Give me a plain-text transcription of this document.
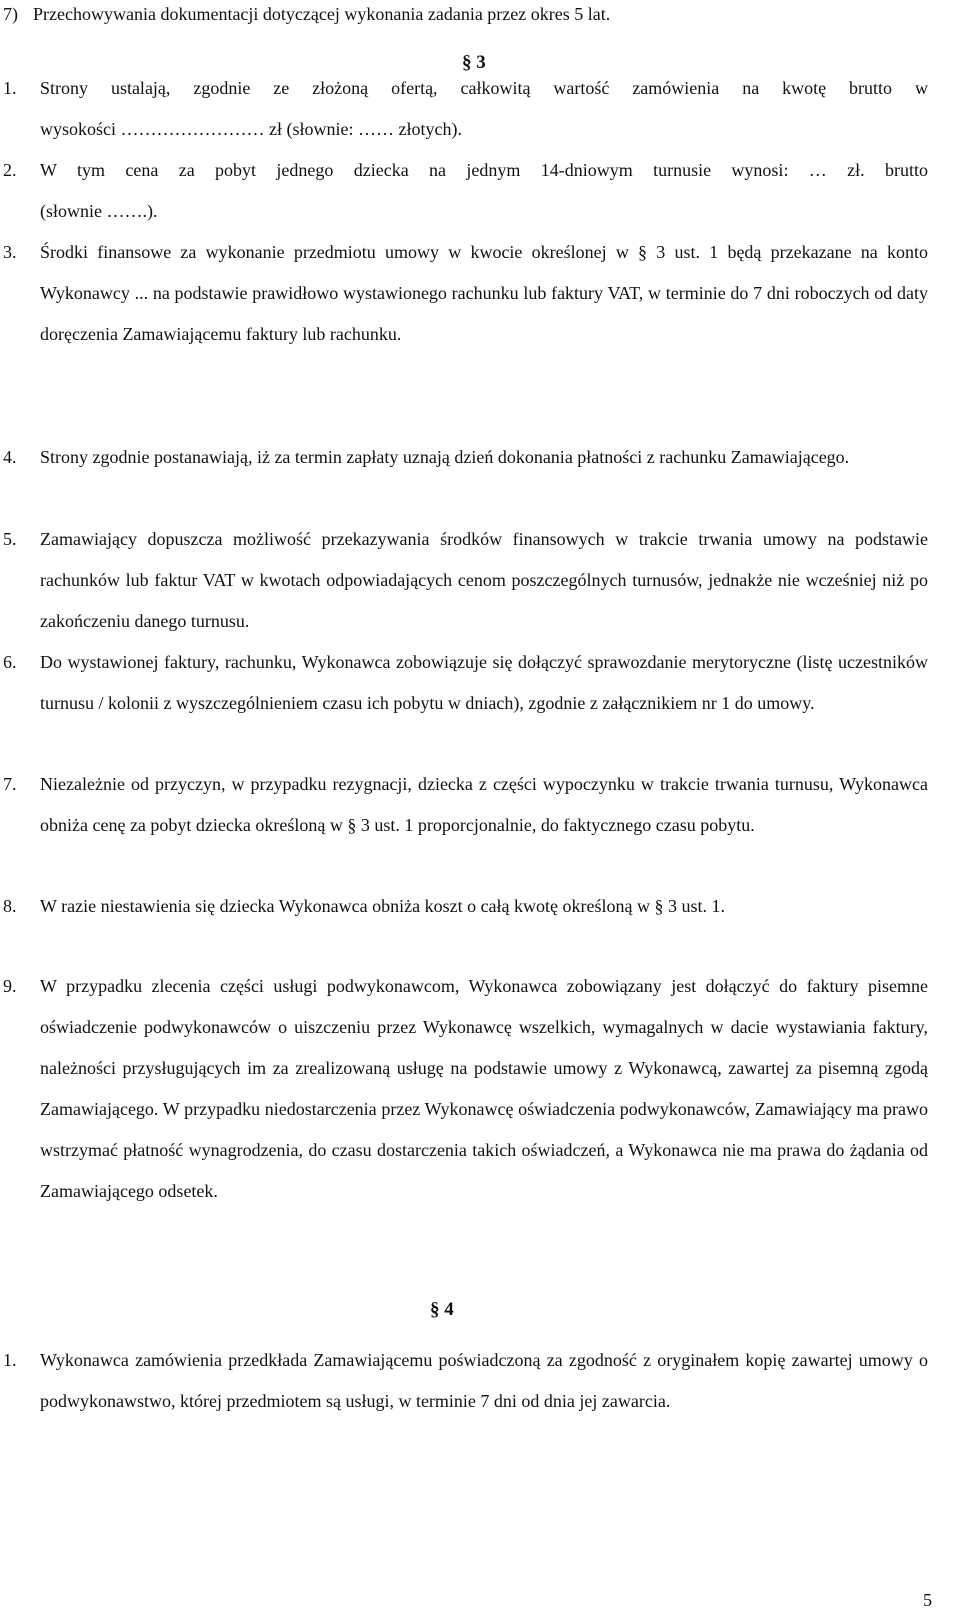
7) Przechowywania dokumentacji dotyczącej wykonania zadania przez okres 5 lat.
§ 3
1. Strony ustalają, zgodnie ze złożoną ofertą, całkowitą wartość zamówienia na kwotę brutto w
wysokości …………………… zł (słownie: …… złotych).
2. W tym cena za pobyt jednego dziecka na jednym 14-dniowym turnusie wynosi: … zł. brutto
(słownie …….).
3. Środki finansowe za wykonanie przedmiotu umowy w kwocie określonej w § 3 ust. 1 będą przekazane na konto Wykonawcy ... na podstawie prawidłowo wystawionego rachunku lub faktury VAT, w terminie do 7 dni roboczych od daty doręczenia Zamawiającemu faktury lub rachunku.
4. Strony zgodnie postanawiają, iż za termin zapłaty uznają dzień dokonania płatności z rachunku Zamawiającego.
5. Zamawiający dopuszcza możliwość przekazywania środków finansowych w trakcie trwania umowy na podstawie rachunków lub faktur VAT w kwotach odpowiadających cenom poszczególnych turnusów, jednakże nie wcześniej niż po zakończeniu danego turnusu.
6. Do wystawionej faktury, rachunku, Wykonawca zobowiązuje się dołączyć sprawozdanie merytoryczne (listę uczestników turnusu / kolonii z wyszczególnieniem czasu ich pobytu w dniach), zgodnie z załącznikiem nr 1 do umowy.
7. Niezależnie od przyczyn, w przypadku rezygnacji, dziecka z części wypoczynku w trakcie trwania turnusu, Wykonawca obniża cenę za pobyt dziecka określoną w § 3 ust. 1 proporcjonalnie, do faktycznego czasu pobytu.
8. W razie niestawienia się dziecka Wykonawca obniża koszt o całą kwotę określoną w § 3 ust. 1.
9. W przypadku zlecenia części usługi podwykonawcom, Wykonawca zobowiązany jest dołączyć do faktury pisemne oświadczenie podwykonawców o uiszczeniu przez Wykonawcę wszelkich, wymagalnych w dacie wystawiania faktury, należności przysługujących im za zrealizowaną usługę na podstawie umowy z Wykonawcą, zawartej za pisemną zgodą Zamawiającego. W przypadku niedostarczenia przez Wykonawcę oświadczenia podwykonawców, Zamawiający ma prawo wstrzymać płatność wynagrodzenia, do czasu dostarczenia takich oświadczeń, a Wykonawca nie ma prawa do żądania od Zamawiającego odsetek.
§ 4
1. Wykonawca zamówienia przedkłada Zamawiającemu poświadczoną za zgodność z oryginałem kopię zawartej umowy o podwykonawstwo, której przedmiotem są usługi, w terminie 7 dni od dnia jej zawarcia.
5
